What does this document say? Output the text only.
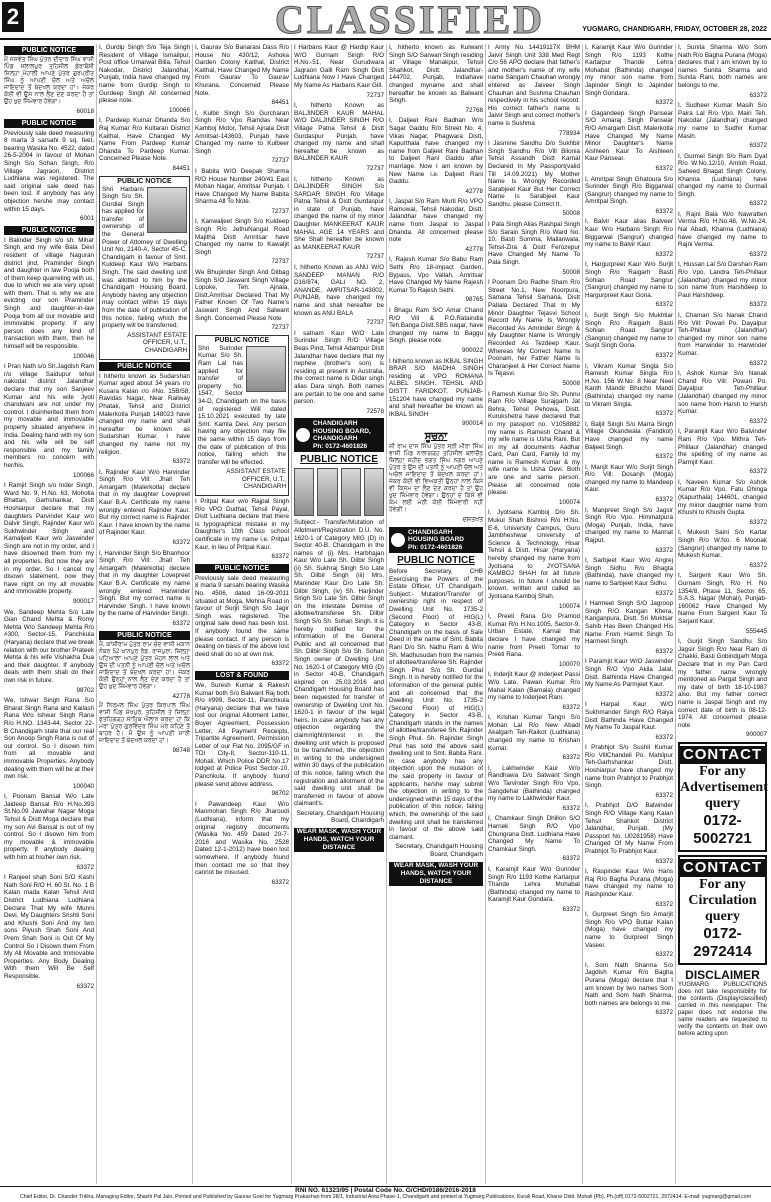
2	CLASSIFIED	YUGMARG, CHANDIGARH, FRIDAY, OCTOBER 28, 2022
PUBLIC NOTICE
ਮੈਂ ਜਸਵੰਤ ਸਿੰਘ ਪੁੱਤਰ ਦੀਦਾਰ ਸਿੰਘ ਵਾਸੀ ਪਿੰਡ ਜਲਾਲਪੁਰ ਤਹਿਸੀਲ ਡੇਰਾਬੱਸੀ ਜ਼ਿਲ੍ਹਾ ਮੋਹਾਲੀ ਆਪਣੇ ਪੁੱਤਰ ਗੁਰਪ੍ਰੀਤ ਸਿੰਘ ਨੂੰ ਆਪਣੀ ਚੱਲ ਅਤੇ ਅਚੱਲ ਜਾਇਦਾਦ ਤੋਂ ਬੇਦਖਲ ਕਰਦਾ ਹਾਂ। ਜੇਕਰ ਕੋਈ ਵੀ ਉਸ ਨਾਲ ਲੈਣ ਦੇਣ ਕਰਦਾ ਹੈ ਤਾਂ ਉਹ ਖੁਦ ਜਿੰਮੇਵਾਰ ਹੋਵੇਗਾ।
60018
PUBLIC NOTICE
Previously sale deed measuring 8 marla 3 sarsahi 9 sq. feet, bearing Wasika No. 4522, dated 26-5-2004 in favour of Mohan Singh S/o Sohan Singh, R/o Village Jagraon, District Ludhiana was registered. The said original sale deed has been lost. If anybody has any objection he/she may contact within 15 days.
6001
PUBLIC NOTICE
I Balinder Singh s/o sh. Mihar Singh and my wife Bala Devi resident of village Naguran district jind. Praminder Singh and daughter in law Pooja both of them keep quarreling with us, due to which we are very upset with them. That is why we are evicting our son Praminder Singh and daughter-in-law Pooja from all our movable and immovable property. If any person does any kind of transaction with them, then he himself will be responsible.
100046
I Pran Nath s/o Sh.Jagdish Ram r/o village Saidupur tehsil nakodar district Jalandhar declare that my son Sanjeev Kumar and his wife Jyoti chandwani are not under my control. I disinherited them from my movable and immovable property situated anywhere in India. Dealing hand with my son and his wife will be self responsible and my family members no concern with her/his.
100066
I Ramjit Singh s/o Inder Singh, Ward No. 9, H.No. 63, Moholla Bhattan, Garhshankar, Distt Hoshiarpur declare that my daughters Parvinder Kaur w/o Dalvir Singh, Rajinder Kaur w/o Sukhwinder Singh and Kamaljeet Kaur w/o Jaswinder Singh are not in my order, and I have disowned them from my all properties. But now they are in my order. So I cancel my disown statement, now they have right on my all movable and immovable property.
900017
We, Sandeep Mehta S/o Late Gian Chand Mehta & Romy Mehta W/o Sandeep Mehta R/o #300, Sector-15, Panchkula (Haryana) declare that we break relation with our brother Prateek Mehta & his wife Vishakha Dua and their daughter. If anybody deals with them shall do their own risk in future.
98702
We, Ishwar Singh Rana S/o Bharat Singh Rana and Kailash Rana W/o Ishwar Singh Rana R/o H.NO. 1343-44, Sector 22-B Chandigarh state that our real Son Anoop Singh Rana is out of our control. So I disown him from all movable and immovable Properties. Anybody dealing with them will be at their own risk.
100040
I, Poonam Bansal W/o Late Jaideep Bansal R/o H.No.393 St.No.09 Jawahar Nagar Moga Tehsil & Distt Moga declare that my son Avi Bansal is out of my control. So I disown him from my movable & immovable property. If anybody dealing with him at his/her own risk.
63372
I Ranjeet shah Soni S/O Kashi Nath Soni R/O H. 60 St. No. 1 B Kalan mada Kalan Tehsil And District Ludhiana Ludhiana Declare That My wife Munni Devi, My Daughters Srishti Soni and Khushi Soni And my two sons Piyush Shah Soni And Prem Shah Soni is Out Of My Control So I Disown them From My All Movable and Immovable Properties. Any Body Dealing With them Will Be Self Responsible.
63372
I, Gurdip Singh S/o Teja Singh Resident of Village Ismailpur, Post office Umarwal Billa, Tehsil Nakodar, District Jalandhar, Punjab, India have changed my name from Gurdip Singh to Gurdeep Singh All concerned please note.
100066
I, Pardeep Kumar Dhanda S/o Raj Kumar R/o Kultaran District Kaithal, Have Changed My Name From Pardeep Kumar Dhanda To Pardeep Kumar. Concerned Please Note.
84451
PUBLIC NOTICE
Shri Harbans Singh S/o Sh. Gurdial Singh has applied for transfer of ownership of the General Power of Attorney of Dwelling Unit No. 2140-A, Sector 45-C, Chandigarh in favour of Smt. Kuldeep Kaur W/o Harbans Singh. The said dwelling unit was allotted to him by the Chandigarh Housing Board. Anybody having any objection may contact within 15 days from the date of publication of this notice, failing which the property will be transferred.
ASSISTANT ESTATE OFFICER, U.T., CHANDIGARH
PUBLIC NOTICE
I hitherto known as Sudarshan Kumar aged about 34 years r/o Kusara Kalan r/o #No. 15B/58, Ravidas Nagar, Near Railway Phatak, Tehsil and District Malerkotla Punjab 148023 have changed my name and shall hereafter be known as Sudarshan Kumar. I have changed my name not my religion.
63372
I, Rajinder Kaur W/o Harvinder Singh R/o Vill: Jhall Teh Amargarh (Malerkotla) declare that in my daughter Lovepreet Kaur B.A. Certificate my name wrongly entered Rajinder Kaur. But my correct name is Rajinder Kaur. I have known by the name of Rajinder Kaur.
63372
I, Harvinder Singh S/o Bhanhoor Singh R/o Vill: Jhall Teh Amargarh (Malerkotla) declare that in my daughter Lovepreet Kaur B.A. Certificate my name wrongly entered Harwinder Singh. But my correct name is Harvinder Singh. I have known by the name of Harvinder Singh.
63372
PUBLIC NOTICE
ਮੈਂ, ਕਾਂਸ਼ੀਰਾਮ ਪੁੱਤਰ ਰਾਮ ਚੰਦ ਵਾਸੀ ਮਕਾਨ ਨੰਬਰ 52 ਖ਼ਾਨਪੁਰ ਰੋਡ, ਰਾਜਪੁਰਾ, ਜ਼ਿਲ੍ਹਾ ਪਟਿਆਲਾ ਆਪਣੇ ਪੁੱਤਰ ਮੋਹਨ ਲਾਲ ਅਤੇ ਉਸ ਦੀ ਪਤਨੀ ਨੂੰ ਆਪਣੀ ਚੱਲ ਅਤੇ ਅਚੱਲ ਜਾਇਦਾਦ ਤੋਂ ਬੇਦਖਲ ਕਰਦਾ ਹਾਂ। ਜੇਕਰ ਕੋਈ ਉਨ੍ਹਾਂ ਨਾਲ ਲੈਣ ਦੇਣ ਕਰਦਾ ਹੈ ਤਾਂ ਉਹ ਖ਼ੁਦ ਜ਼ਿੰਮੇਵਾਰ ਹੋਵੇਗਾ।
42778
ਮੈਂ ਨਿਰਮਲ ਸਿੰਘ ਪੁੱਤਰ ਕਿਰਪਾਲ ਸਿੰਘ ਵਾਸੀ ਪਿੰਡ ਸ਼ੇਖਪੁਰ, ਤਹਿਸੀਲ ਤੇ ਜ਼ਿਲ੍ਹਾ ਫਤਹਿਗੜ੍ਹ ਸਾਹਿਬ ਐਲਾਨ ਕਰਦਾ ਹਾਂ ਕਿ ਮੇਰਾ ਪੁੱਤਰ ਗੁਰਵਿੰਦਰ ਸਿੰਘ ਮੇਰੇ ਕਹਿਣੇ ਤੋਂ ਬਾਹਰ ਹੈ। ਮੈਂ ਉਸ ਨੂੰ ਆਪਣੀ ਸਾਰੀ ਜਾਇਦਾਦ ਤੋਂ ਬੇਦਖਲ ਕਰਦਾ ਹਾਂ।
98748
I, Gaurav S/o Banarasi Dass R/o House No 430/12, Ashoka Garden Colony Kaithal, District Kaithal, Have Changed My Name From Gaurav To Gaurav Khurana. Concerned Please Note.
84451
I, Kulbir Singh S/o Gurcharan Singh R/o Vpo Ramdas Near Kamboj Motor, Tehsil Ajnala Distt Amritsar-143603, Punjab have Changed my name to Kulbeer Singh
72737
I Babita W/O Deepak Sharma R/O House Number 240/41 East Mohan Nagar, Amritsar Punjab. I Have Changed My Name Babita Sharma All To Note.
72737
I, Kanwaljeet Singh S/o Kuldeep Singh R/o JethuNangal Road Majitha Distt Amritsar have Changed my name to Kawaljit Singh
72737
We Bhupinder Singh And Dilbag Singh S/O Jaswant Singh Village Lopoke, Teh. Ajnala, Distt.Amritsar Declared That My Father Known Of Two Name's Jaswant Singh And Salwant Singh. Concerned Please Note
72737
PUBLIC NOTICE
Shri Surinder Kumar S/o Sh. Ram Lal has applied for transfer of property No. 1547, Sector 34-D, Chandigarh on the basis of registered Will dated 15.10.2021 executed by late Smt. Kamla Devi. Any person having any objection may file the same within 15 days from the date of publication of this notice, failing which the transfer will be effected.
ASSISTANT ESTATE OFFICER, U.T., CHANDIGARH
I Pritpal Kaur w/o Rajpal Singh R/o VPO Dudhal, Tehsil Payal, Distt Ludhiana declare that there is typographical mistake in my Daughter's 10th Class school certificate in my name i.e. Pritpal Kaur, in lieu of Pritpal Kaur.
63372
PUBLIC NOTICE
Previously sale deed measuring 8 marla 9 sarsahi bearing Wasika No. 4506, dated 16-09-2011 situated at Moga, Mehna Road in favour of Surjit Singh S/o Jagir Singh was registered. The original sale deed has been lost. If anybody found the same please contact. If any person is dealing on basis of the above lost deed shall do so at own risk.
63372
LOST & FOUND
We, Suresh Kumar & Rakesh Kumar both S/o Balwant Raj both R/o #999, Sector-11, Panchkula (Haryana) declare that we have lost our original Allotment Letter, Buyer Agreement, Possession Letter, All Payment Receipts, Tripartite Agreement, Permission Letter of our Flat No. 2095/GF in TDI City-II, Sector-110-11, Mohali. Which Police DDR No.17 lodged at Police Post Sector-10, Panchkula. If anybody found please send above address.
98702
I Pawandeep Kaur W/o Manmohan Singh R/o Jharoudi (Ludhiana), inform that my original registry documents (Wasika No. 459 Dated 20-7-2016 and Wasika No. 2528 Dated 12-1-2012) have been lost somewhere. If anybody found then contact me so that they cannot be misused.
63372
I Harbans Kaur @ Hardip Kaur W/O Gurnam Singh R/O H.No.-51, Near Gurudwara Jagraon Galli Ram Singh Distt Ludhiana Now I Have Changed My Name As Harbans Kaur Gill.
72737
I, hitherto Known as BALJINDER KAUR MAHAL W/O DALJINDER SINGH R/O Village Patna Tehsil & Distt Gurdaspur Punjab, have changed my name and shall hereafter be known as BALJINDER KAUR
72737
I, hitherto Known as DALJINDER SINGH S/o SARDAR SINGH R/o Village Patna Tehsil & Distt Gurdaspur in state of Punjab, have changed the name of my minor Daughter MANKEERAT KAUR MAHAL AGE 14 YEARS and She Shall hereafter be known as MANKEERAT KAUR
72737
I, hitherto Known as ANU W/O SANDEEP MANAN R/O D16/874, GALI NO. 2, ANANDE, AMRITSAR-143002, PUNJAB, have changed my name and shall hereafter be known as ANU BALA
72737
I satnam Kaur W/O Late Surinder Singh R/O Village Beas Pind, Tehsil Adampur Distt Jalandhar have declare that my nephew (brother's son) is residing at present in Australia, the correct name is Didar singh alias Dara singh. Both names are pertain to be one and same person.
72578
CHANDIGARH HOUSING BOARD, CHANDIGARH
Ph: 0172-4601826
PUBLIC NOTICE
Subject:- Transfer/Mutation of Allotment/Registration D.U. No. 1620-1 of Category MIG (D) in Sector 40-B, Chandigarh in the names of (i) Mrs. Harbhajan Kaur W/o Late Sh. Dilbir Singh (ii) Sh. Sukhraj Singh S/o Late Sh. Dilbir Singh (iii) Mrs. Maninder Kaur D/o Late Sh. Dilbir Singh, (iv) Sh. Harjinder Singh S/o Late Sh. Dilbir Singh on the intestate Demise of allottee/transferee Sh. Dilbir Singh S/o Sh. Sohan Singh. It is hereby notified for the information of the General Public and all concerned that Sh. Dilbir Singh S/o Sh. Sohan Singh owner of Dwelling Unit No. 1620-1 of Category MIG (D) in Sector 40-B, Chandigarh expired on 25.03.2016 and Chandigarh Housing Board has been requested for transfer of ownership of Dwelling Unit No. 1620-1 in favour of the legal heirs. In case anybody has any objection regarding the claim/right/interest in the dwelling unit which is proposed to be transferred, the objection in writing to the undersigned within 30 days of the publication of this notice, failing which the registration and allotment of the said dwelling unit shall be transferred in favour of above claimant's.
Secretary, Chandigarh Housing Board, Chandigarh
WEAR MASK, WASH YOUR HANDS, WATCH YOUR DISTANCE
I, hitherto known as Kulwant Singh S/O Sarwan Singh residing at Village Manakpur, Tehsil Shahkot, Distt. Jalandhar-144702, Punjab, Indiahave changed myname and shall hereafter be known as Balwant Singh.
72768
I, Daljeet Rani Badhan W/o Sagar Gaddu R/o Street No. 4, Vikas Nagar, Phagwara Distt, Kapurthala have changed my name from Daljeet Rani Badhan to Daljeet Rani Gaddu after marriage. Now I am known by New Name i.e. Daljeet Rani Gaddu.
42778
I, Jaspal S/o Ram Murti R/o VPO Ramuwal, Tehsil Nakodar, Distt. Jalandhar have changed my name from Jaspal to Jaspal Dhanda. All concerned please note
42778
I, Rajesh Kumar S/o Babu Ram Sethi R/o 18-impact Garden, Bypass, Vpo Vallah, Amritsar Have Changed My Name Rajesh Kumar To Rajesh Sethi.
98765
I Bhagu Ram S/O Amar Chand R/O Vill & P.O.Rataindia Teh.Banga Distt.SBS nagar, have changed my name to Baggu Singh. please note.
900022
I hitherto known as IKBAL SINGH BRAR S/O MADHA SINGH residing at VPO ROMANA ALBEL SINGH, TEHSIL AND DISTT FARIDKOT, PUNJAB-151204 have changed my name and shall hereafter be known as IKBAL SINGH
900014
ਸੂਚਨਾ
ਸੀ ਰਾਮ ਦਾਸ ਸਿੰਘ ਪੁੱਤਰ ਸ੍ਰੀ ਮੀਰਾ ਸਿੰਘ ਵਾਸੀ ਪਿੰਡ ਨਾਲਾਗੜ੍ਹ ਤਹਿਸੀਲ ਬਲਾਚੌਰ ਜ਼ਿਲ੍ਹਾ ਸ਼ਹੀਦ ਭਗਤ ਸਿੰਘ ਨਗਰ ਆਪਣੇ ਪੁੱਤਰ ਤੇ ਉਸ ਦੀ ਪਤਨੀ ਨੂੰ ਆਪਣੀ ਚੱਲ ਅਤੇ ਅਚੱਲ ਜਾਇਦਾਦ ਤੋਂ ਬੇਦਖਲ ਕਰਦਾ ਹਾਂ। ਜੇਕਰ ਕੋਈ ਵੀ ਵਿਅਕਤੀ ਉਨ੍ਹਾਂ ਨਾਲ ਕਿਸੇ ਵੀ ਕਿਸਮ ਦਾ ਲੈਣ ਦੇਣ ਕਰਦਾ ਹੈ ਤਾਂ ਉਹ ਖੁਦ ਜ਼ਿੰਮੇਵਾਰ ਹੋਵੇਗਾ। ਉਨ੍ਹਾਂ ਦੇ ਕਿਸੇ ਵੀ ਕੰਮ ਲਈ ਮੇਰੀ ਕੋਈ ਜ਼ਿੰਮੇਵਾਰੀ ਨਹੀਂ ਹੋਵੇਗੀ।
ਦਸਤਖਤ
CHANDIGARH HOUSING BOARD
Ph: 0172-4601826
PUBLIC NOTICE
Before Secretary, CHB Exercising the Powers of the Estate Officer, UT Chandigarh. Subject:- Mutation/Transfer of ownership right in respect of Dwelling Unit No. 1735-2 (Second Floor) of HIG(L) Category in Sector 43-B, Chandigarh on the basis of Sale Deed in the name of Smt. Babita Rani D/o Sh. Nathu Ram & W/o Sh. Madhusudan from the names of allottee/transferee Sh. Rajinder Singh Phul S/o Sh. Gurdial Singh. It is hereby notified for the information of the general public and all concerned that the Dwelling Unit No. 1735-2 (Second Floor) of HIG(L) Category in Sector 43-B, Chandigarh stands in the names of allottee/transferee Sh. Rajinder Singh Phul. Sh. Rajinder Singh Phul has sold the above said dwelling unit to Smt. Babita Rani. In case anybody has any objection upon the mutation of the said property in favour of applicants, he/she may submit the objection in writing to the undersigned within 15 days of the publication of this notice, failing which, the ownership of the said dwelling unit shall be transferred in favour of the above said claimant.
Secretary, Chandigarh Housing Board, Chandigarh
WEAR MASK, WASH YOUR HANDS, WATCH YOUR DISTANCE
I Army No 14419117X BHM Jaivir Singh Unit 338 Med Regt C/o 56 APO declare that father's and mother's name of my wife name Sangam Chauhan wrongly entered as Jaiveer Singh Chauhan and Sushma Chauhan respectively in his school record. His correct father's name is Jaivir Singh and correct mother's name is Sushma
778934
I Jasmine Sandhu D/o Sukhbir Singh Sandhu R/o Vill Bilonia Tehsil Assandh Distt Karnal Declared In My Passport(valid Till 14.09.2021) My Mother Name Is Wrongly Recorded Sarabjeet Kaur But Her Correct Name Is Sarabjeet Kaur Sandhu. please Correct It.
50008
I Pala Singh Alias Rashpal Singh S/o Sarain Singh R/o Ward No. 10, Basti Summa, Mallanwala, Tehsil-Zira & Distt Ferozepur Have Changed My Name To Pala Singh.
50008
I Poonam D/o Radhe Sham R/o Street No.1, New Noorpura, Samana Tehsil Samana, Distt Patiala Declared That In My Minor Daughter Tejasvi School Record My Name Is Wrongly Recorded As Amrinder Singh & My Daughter Name Is Wrongly Recorded As Tezdeep Kaur. Whereas My Correct Name Is Poonam, her Father Name Is Charanjeet & Her Correct Name Is Tejasvi.
50008
I Ramesh Kumar S/o Sh. Punnu Ram R/o Village Surajgarh Jat Behra, Tehsil Pehowa, Distt. Kurukshetra have declared that in my passport no. V1058882 my name is Ramesh Chand & my wife name is Usha Rani. But in my all documents Aadhar Card, Pan Card, Family Id my name is Ramesh Kumar & my wife name is Usha Devi. Both are one and same person. Please all concerned note please.
100074
I, Jyotsana Kamboj D/o Sh. Mukul Shah Bishnoi R/o H.No. E-6, University Campus, Guru Jambheshwar University of Science & Technology, Hisar Tehsil & Distt. Hisar (Haryana) hereby changed my name from Jyotsana to JYOTSANA KAMBOJ SHAH for all future purposes. In future I should be known, written and called as Jyotsana Kamboj Shah.
100074
I, Preeti Rana D/o Pramod Kumar R/o H.No.1005, Sector-9, Urban Estate, Karnal that declare I have changed my name from Preeti Tomar to Preeti Rana.
100070
I, Inderjit Kaur @ Inderjeet Passi W/o Late. Pawan Kumar R/o Mahal Kalan (Barnala) changed my name to Inderjeet Rani.
63372
I, Krishan Kumar Tangri S/o Mohan Lal R/o New Abadi Akalgarh Teh-Raikot (Ludhiana) changed my name to Krishan Kumar.
63372
I, Lakhwinder Kaur W/o Randhawa D/o Satwant Singh W/o Tarvinder Singh R/o Vpo, Sangdehar (Bathinda) changed my name to Lakhwinder Kaur.
63372
I, Chamkaur Singh Dhillon S/O Harnek Singh R/O Vpo Chungrana Distt. Ludhiana Have Changed My Name To Chamkaur Singh.
63372
I, Karamjit Kaur W/o Gurinder Singh R/o 1193 Kothe Kartarpur Thande Lehra Mohabat (Bathinda) changed my name to Karamjit Kaur Gondara.
63372
I, Karamjit Kaur W/o Gurinder Singh R/o 1193 Kothe Kartarpur Thande Lehra Mohabat (Bathinda) changed my minor son name from Japinder Singh to Japinder Singh Gondara.
63372
I Gagandeep Singh Pansear S/O Amaraj Singh Pansear R/O Amargarh Distt. Malerkotla Have Changed My Name Minor Daughter's Name Aishleen Kaur To Aishleen Kaur Pansear.
63372
I, Amritpal Singh Ghatoura S/o Surinder Singh R/o Biggarwal (Sangrur) changed my name to Amritpal Singh.
63372
I, Balvir Kaur alias Balveer Kaur W/o Harbans Singh R/o Biggarwal (Sangrur) changed my name to Balvir Kaur.
63372
I, Hargurpreet Kaur W/o Surjit Singh R/o Raigarh Basti Sohian Road Sangrur (Sangrur) changed my name to Hargurpreet Kaur Goria.
63372
I, Surjit Singh S/o Mukhtiar Singh R/o Raigarh Basti Sohian Road Sangrur (Sangrur) changed my name to Surjit Singh Goria.
63372
I, Vikram Kumar Singla S/o Ramesh Kumar Singla R/o H.No. 156 W.No. 8 Near Neel Kanth Mandir Bhucho Mandi (Bathinda) changed my name to Vikram Singla.
63372
I, Baljit Singh S/o Marra Singh Village Okandwala (Faridkot) Have changed my name Baljeet Singh.
63372
I, Manjit Kaur W/o Surjit Singh R/o Vill: Dosanjh (Moga) changed my name to Mandeep Kaur.
63372
I, Manpreet Singh S/o Jagsir Singh R/o Vpo. Himmatpura (Moga) Punjab, India, have changed my name to Mannat Rajput.
63372
I, Sarbjeet Kaur W/o Angrej Singh Sidhu R/o Bhagta (Bathinda), have changed my name to Sarbjeet Kaur Sidhu.
63372
I Harmeet Singh S/O Jagroop Singh R/O Kangan Khera, Kanganpura, Distt. Sri Muktsar Sahib Has Been Changed His Name From Harmit Singh To Harmeet Singh.
63372
I Paramjit Kaur W/O Jaswinder Singh R/O Vpo Akila Jalal, Distt. Bathinda Have Changed My Name As Parmjeet Kaur.
63372
I Harpal Kaur W/O Sukhmander Singh R/O Raiya Distt Bathinda Have Changed My Name To Jaspal Kaur.
63372
I Prabhjot S/o Sushil Kumar R/o VillChandeli Po. Mahilpur Teh-Garhshankar Distt. Hoshiarpur have changed my name from Prabhjot to Prabhjot Singh.
63372
I, Prabhjot D/O Balwinder Singh R/O Village Kang Kalan Tehsil Shahkot District Jalandhar, Punjab. (My Passport No. U0281958) Have Changed Of My Name From Prabhjot To Prabhjot Kaur.
63372
I, Raspinder Kaur W/o Hans Raj R/o Bagha Purana (Moga) have changed my name to Rashpinder Kaur.
63372
I, Gurpreet Singh S/o Amarjit Singh R/o VPO Buttar Kalan (Moga) have changed my name to Gurpreet Singh Vaseer.
63372
I, Som Nath Sharma S/o Jagdish Kumar R/o Bagha Purana (Moga) declare that I am known by two names Som Nath and Som Nath Sharma, both names are belongs to me.
63372
I, Sunita Sharma W/o Som Nath R/o Bagha Purana (Moga) declares that I am known by to names Sunita Sharma and Sunita Rani, both names are belongs to me.
63372
I, Sudheer Kumar Masih S/o Paira Lal R/o Vpo. Mairi Teh. Nakodar (Jalandhar) changed my name to Sudhir Kumar Masih.
63372
I, Gurmel Singh S/o Ram Dyal R/o W.No.12/10, Amloh Road, Saheed Bhagat Singh Colony, Khanna (Ludhiana) have changed my name to Gurmail Singh.
63372
I, Rajni Bala W/o Nawratten Verma R/o H.No.48, W.No.24, Nai Abadi, Khanna (Ludhiana) have changed my name to Rajni Verma.
63372
I, Hussan Lal S/o Darshan Ram R/o Vpo. Landra Teh-Phillaur (Jalandhar) changed my minor son name from Harshdeep to Paul Harshdeep.
63372
I, Chaman S/o Nanak Chand R/o Vill: Powari Po. Dayalpur Teh-Phillaur (Jalandhar) changed my minor son name from Harwinder to Harwinder Kumar.
63372
I, Ashok Kumar S/o Nanak Chand R/o Vill: Powari Po. Dayalpur Teh-Phillaur (Jalandhar) changed my minor son name from Harsh to Harsh Kumar.
63372
I, Paramjit Kaur W/o Balvinder Ram R/o Vpo. Mithra Teh-Phillaur (Jalandhar) changed the spelling of my name as Parmjit Kaur.
63372
I, Naveen Kumar S/o Ashok Kumar R/o Vpo. Fatu Dhinga (Kapurthala) 144601, changed my minor daughter name from Khushi to Khushi Gupta.
63372
I, Mukesh Saini S/o Kartar Singh R/o W.No. 6 Moonak (Sangrur) changed my name to Mukesh Kumar.
63372
I, Sargent Kaur W/o Sh. Gurnam Singh, R/o H. No 1354/8, Phase 11, Sector 65, S.A.S. Nagar (Mohali), Punjab-160062 Have Changed My Name From Sargent Kaur To Sarjant Kaur.
555445
I, Gurjit Singh Sandhu S/o Jagsir Singh R/o Near Ram di Chakki, Basti Gobindgarh Moga Declare that in my Pan Card my father name wrongly mentioned as Pargat Singh and my date of birth 18-10-1987 also. But my father correct name is Jaspal Singh and my correct date of birth is 08-12-1974. All concerned please note
900007
CONTACT
For any
Advertisement query
0172-5002721
CONTACT
For any
Circulation query
0172-2972414
DISCLAIMER
YUGMARG PUBLICATIONS does not take responsibility for the contents (Display/classified) carried in this newspaper. The paper does not endorse the same readers are requested to verify the contents on their own before acting upon
RNI NO. 61323/95 | Postal Code No. G/CHD/0186/2016-2018
Chief Editor, Dr. Chander Trikha, Managing Editor, Shashi Pal Jain, Printed and Published by Gaurav Goel for Yugmarg Prakashan from 28/1, Industrial Area Phase-1, Chandigarh and printed at Yugmarg Publications, Kurali Road, Kharar Distt. Mohali (Pb). Ph.(off) 0172-5002721, 2972414. E-mail: yugmarg@gmail.com
